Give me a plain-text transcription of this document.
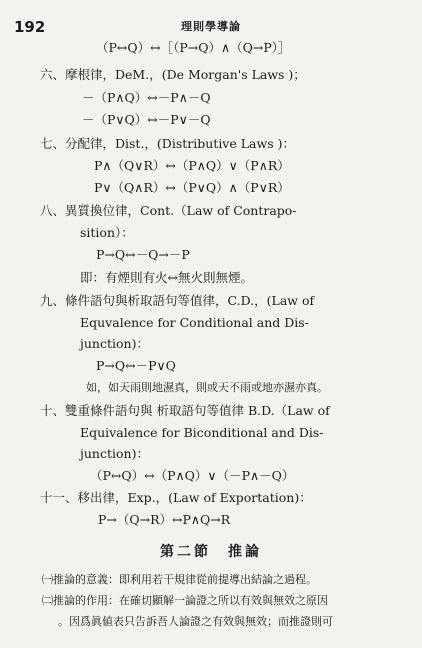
192	理則學導論
（P↔Q）↔［（P→Q）∧（Q→P）］
六、摩根律，DeM.，(De Morgan's Laws )；
－（P∧Q）↔－P∧－Q
－（P∨Q）↔－P∨－Q
七、分配律，Dist.，(Distributive Laws )：
P∧（Q∨R）↔（P∧Q）∨（P∧R）
P∨（Q∧R）↔（P∨Q）∧（P∨R）
八、異質換位律，Cont.（Law of Contrapo-
sition）：
P→Q↔－Q→－P
即：有煙則有火↔無火則無煙。
九、條件語句與析取語句等值律，C.D.，(Law of
Equvalence for Conditional and Dis-
junction)：
P→Q↔－P∨Q
如，如天雨則地濕真，則或天不雨或地亦濕亦真。
十、雙重條件語句與 析取語句等值律 B.D.（Law of
Equivalence for Biconditional and Dis-
junction)：
（P↔Q）↔（P∧Q）∨（－P∧－Q）
十一、移出律，Exp.，(Law of Exportation)：
P→（Q→R）↔P∧Q→R
第二節　推論
㈠推論的意義：即利用若干規律從前提導出結論之過程。
㈡推論的作用：在確切顯解一論證之所以有效與無效之原因
。因爲眞値表只告訴吾人論證之有效與無效；而推證則可
